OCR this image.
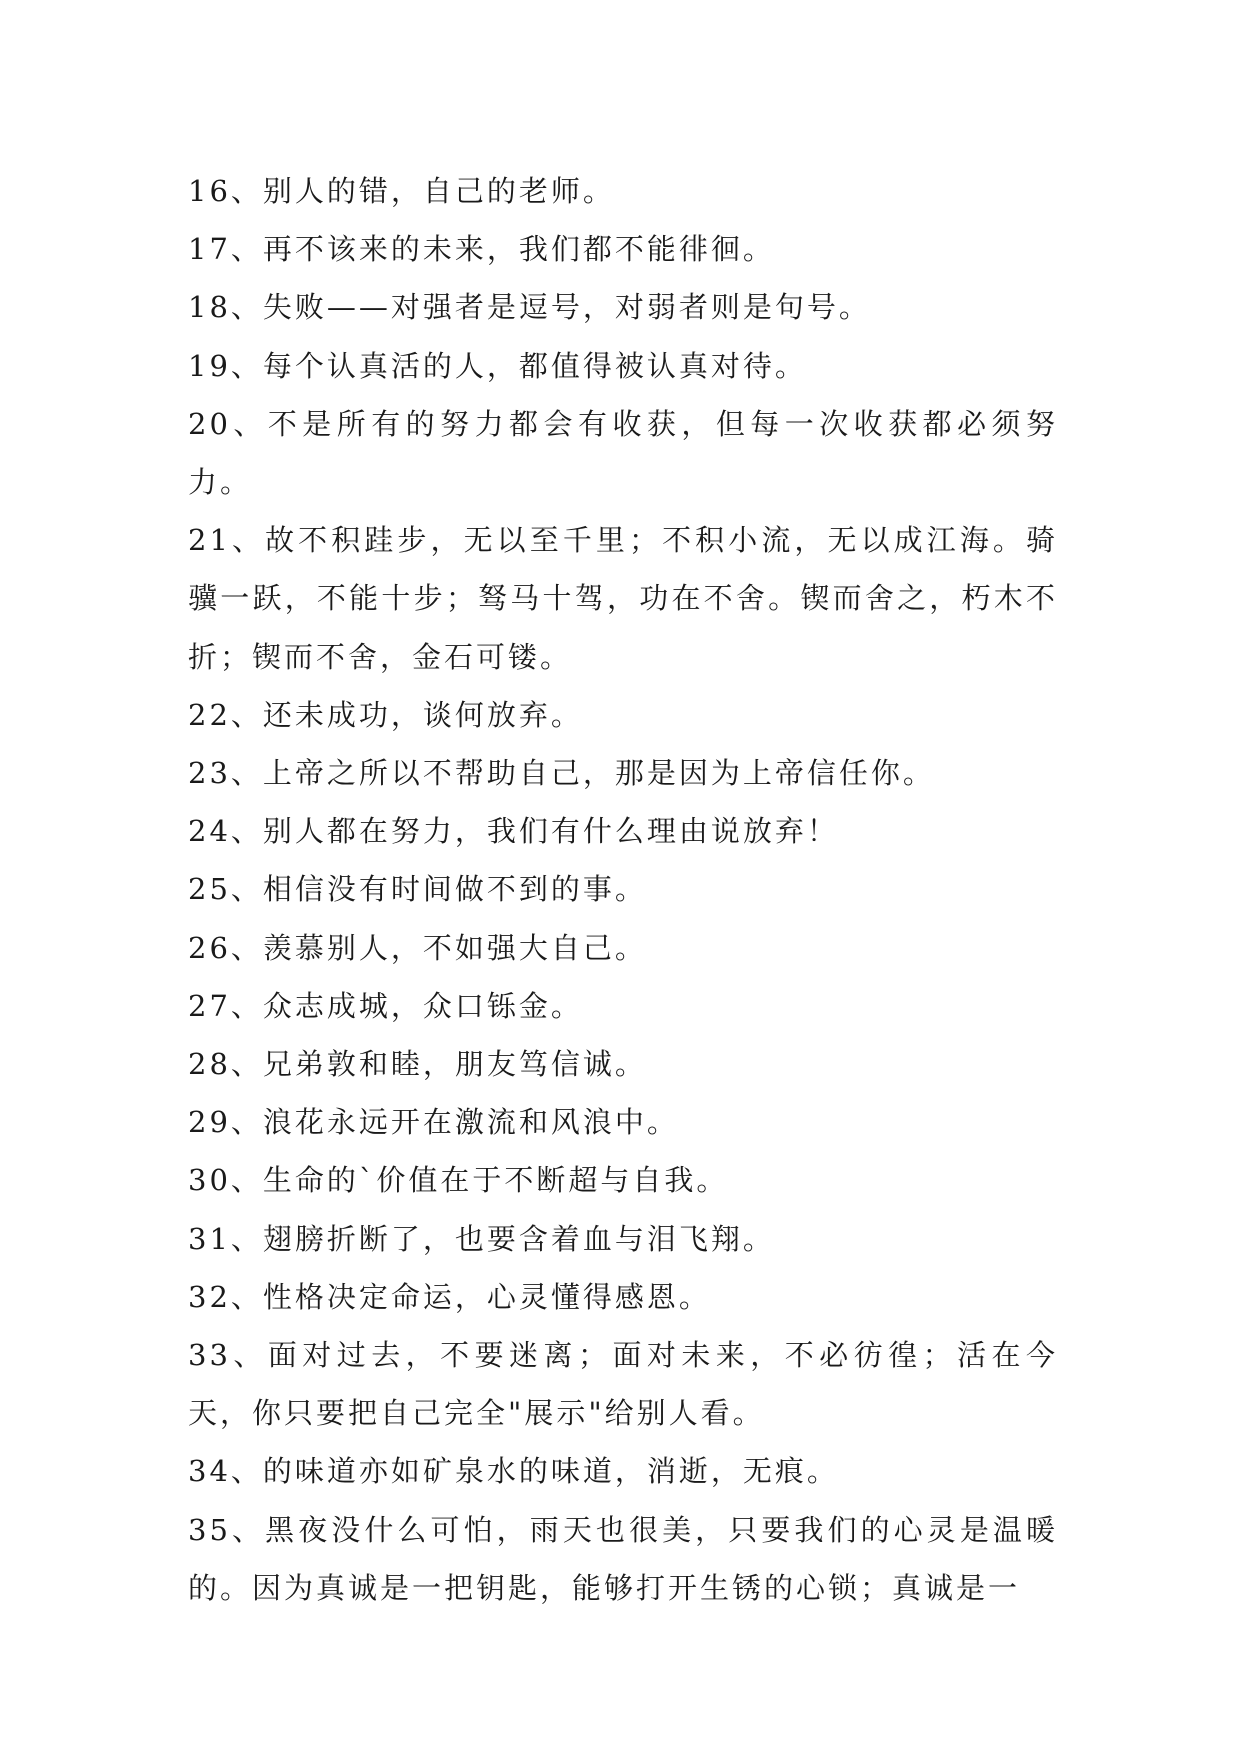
16、别人的错，自己的老师。

17、再不该来的未来，我们都不能徘徊。

18、失败——对强者是逗号，对弱者则是句号。

19、每个认真活的人，都值得被认真对待。

20、不是所有的努力都会有收获，但每一次收获都必须努力。

21、故不积跬步，无以至千里；不积小流，无以成江海。骑骥一跃，不能十步；驽马十驾，功在不舍。锲而舍之，朽木不折；锲而不舍，金石可镂。

22、还未成功，谈何放弃。

23、上帝之所以不帮助自己，那是因为上帝信任你。

24、别人都在努力，我们有什么理由说放弃！

25、相信没有时间做不到的事。

26、羡慕别人，不如强大自己。

27、众志成城，众口铄金。

28、兄弟敦和睦，朋友笃信诚。

29、浪花永远开在激流和风浪中。

30、生命的`价值在于不断超与自我。

31、翅膀折断了，也要含着血与泪飞翔。

32、性格决定命运，心灵懂得感恩。

33、面对过去，不要迷离；面对未来，不必彷徨；活在今天，你只要把自己完全"展示"给别人看。

34、的味道亦如矿泉水的味道，消逝，无痕。

35、黑夜没什么可怕，雨天也很美，只要我们的心灵是温暖的。因为真诚是一把钥匙，能够打开生锈的心锁；真诚是一
